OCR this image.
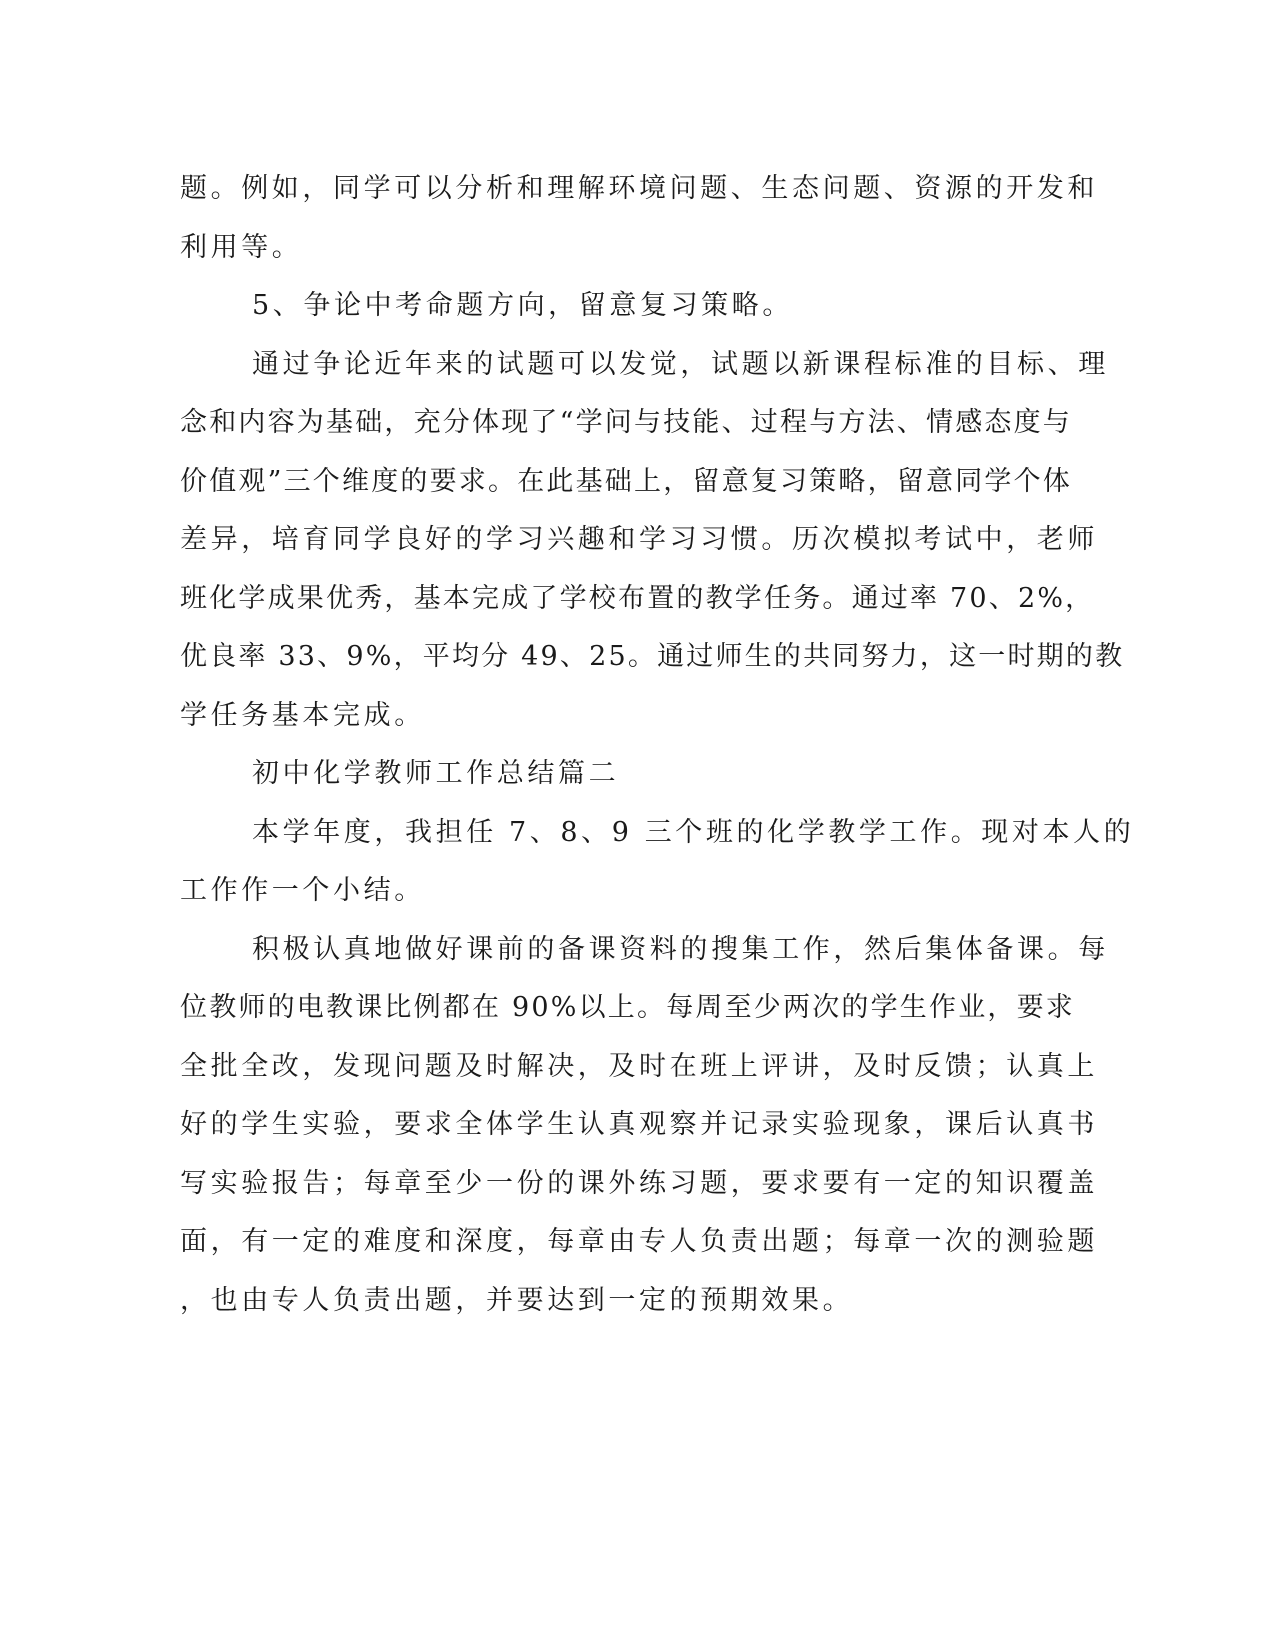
题。例如，同学可以分析和理解环境问题、生态问题、资源的开发和
利用等。
5、争论中考命题方向，留意复习策略。
通过争论近年来的试题可以发觉，试题以新课程标准的目标、理
念和内容为基础，充分体现了“学问与技能、过程与方法、情感态度与
价值观”三个维度的要求。在此基础上，留意复习策略，留意同学个体
差异，培育同学良好的学习兴趣和学习习惯。历次模拟考试中，老师
班化学成果优秀，基本完成了学校布置的教学任务。通过率 70、2%，
优良率 33、9%，平均分 49、25。通过师生的共同努力，这一时期的教
学任务基本完成。
初中化学教师工作总结篇二
本学年度，我担任 7、8、9 三个班的化学教学工作。现对本人的
工作作一个小结。
积极认真地做好课前的备课资料的搜集工作，然后集体备课。每
位教师的电教课比例都在 90%以上。每周至少两次的学生作业，要求
全批全改，发现问题及时解决，及时在班上评讲，及时反馈；认真上
好的学生实验，要求全体学生认真观察并记录实验现象，课后认真书
写实验报告；每章至少一份的课外练习题，要求要有一定的知识覆盖
面，有一定的难度和深度，每章由专人负责出题；每章一次的测验题
，也由专人负责出题，并要达到一定的预期效果。
